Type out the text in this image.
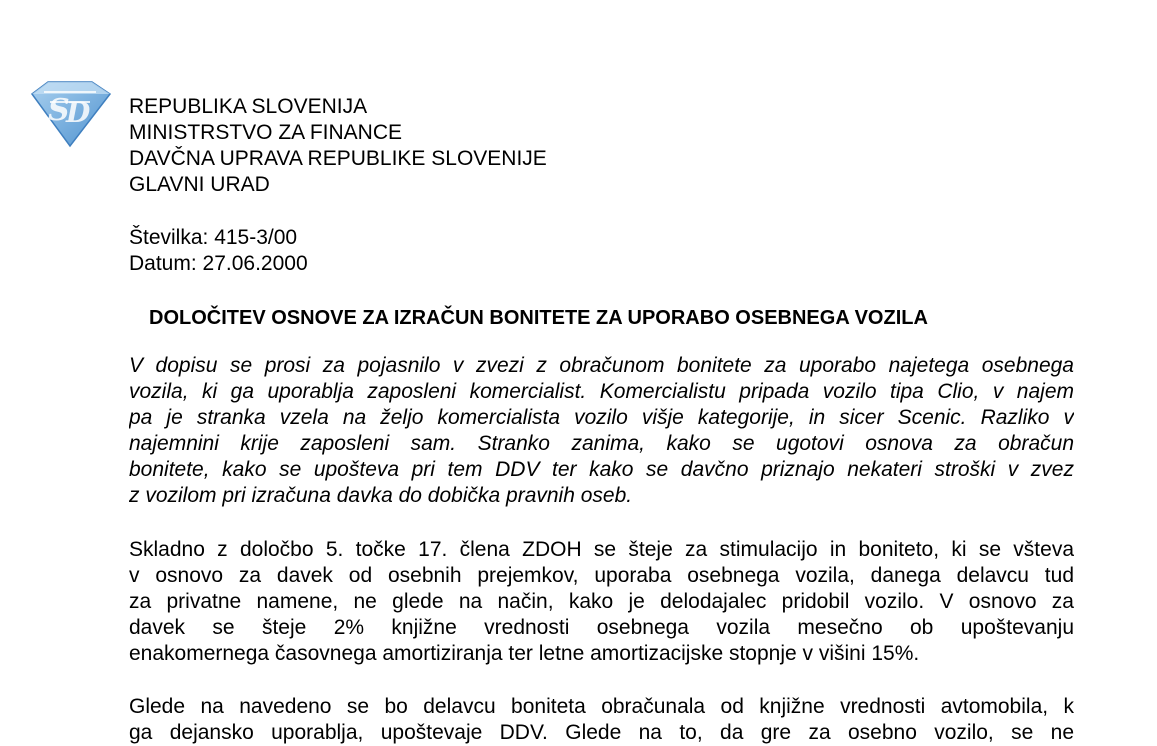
S
D REPUBLIKA SLOVENIJA
MINISTRSTVO ZA FINANCE
DAVČNA UPRAVA REPUBLIKE SLOVENIJE
GLAVNI URAD
Številka: 415-3/00
Datum: 27.06.2000
DOLOČITEV OSNOVE ZA IZRAČUN BONITETE ZA UPORABO OSEBNEGA VOZILA
V dopisu se prosi za pojasnilo v zvezi z obračunom bonitete za uporabo najetega osebnega
vozila, ki ga uporablja zaposleni komercialist. Komercialistu pripada vozilo tipa Clio, v najem
pa je stranka vzela na željo komercialista vozilo višje kategorije, in sicer Scenic. Razliko v
najemnini krije zaposleni sam. Stranko zanima, kako se ugotovi osnova za obračun
bonitete, kako se upošteva pri tem DDV ter kako se davčno priznajo nekateri stroški v zvez
z vozilom pri izračuna davka do dobička pravnih oseb.
Skladno z določbo 5. točke 17. člena ZDOH se šteje za stimulacijo in boniteto, ki se všteva
v osnovo za davek od osebnih prejemkov, uporaba osebnega vozila, danega delavcu tud
za privatne namene, ne glede na način, kako je delodajalec pridobil vozilo. V osnovo za
davek se šteje 2% knjižne vrednosti osebnega vozila mesečno ob upoštevanju
enakomernega časovnega amortiziranja ter letne amortizacijske stopnje v višini 15%.
Glede na navedeno se bo delavcu boniteta obračunala od knjižne vrednosti avtomobila, k
ga dejansko uporablja, upoštevaje DDV. Glede na to, da gre za osebno vozilo, se ne
